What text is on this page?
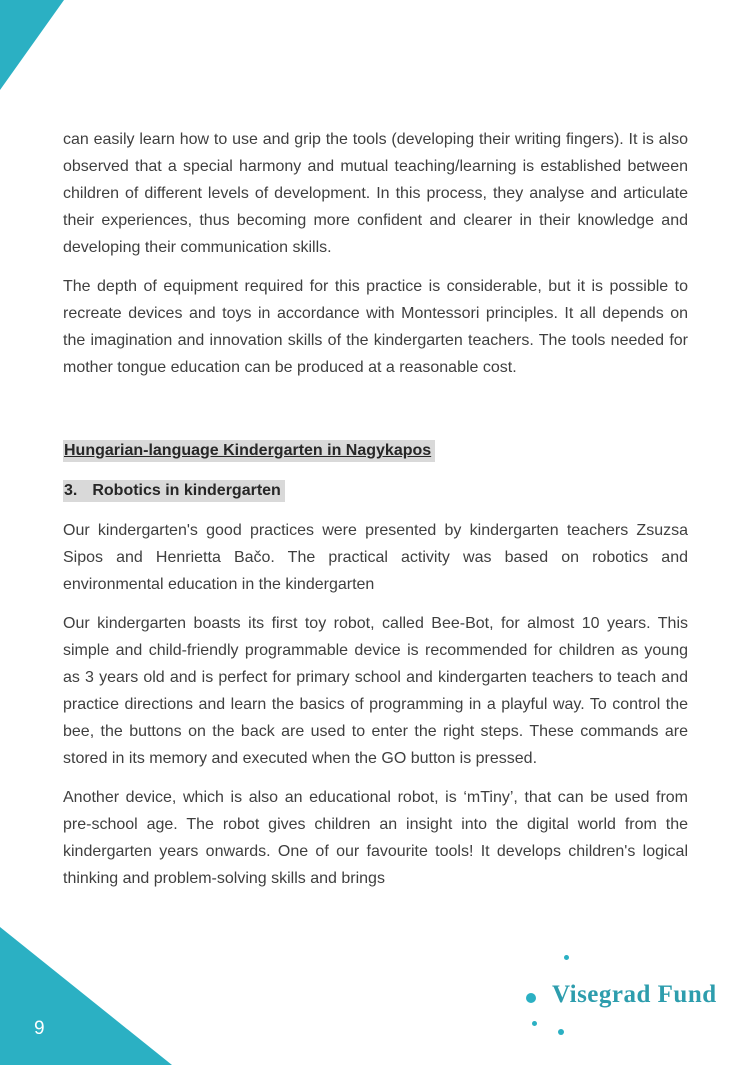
can easily learn how to use and grip the tools (developing their writing fingers). It is also observed that a special harmony and mutual teaching/learning is established between children of different levels of development. In this process, they analyse and articulate their experiences, thus becoming more confident and clearer in their knowledge and developing their communication skills.

The depth of equipment required for this practice is considerable, but it is possible to recreate devices and toys in accordance with Montessori principles. It all depends on the imagination and innovation skills of the kindergarten teachers. The tools needed for mother tongue education can be produced at a reasonable cost.

Hungarian-language Kindergarten in Nagykapos
3. Robotics in kindergarten

Our kindergarten's good practices were presented by kindergarten teachers Zsuzsa Sipos and Henrietta Bačo. The practical activity was based on robotics and environmental education in the kindergarten

Our kindergarten boasts its first toy robot, called Bee-Bot, for almost 10 years. This simple and child-friendly programmable device is recommended for children as young as 3 years old and is perfect for primary school and kindergarten teachers to teach and practice directions and learn the basics of programming in a playful way. To control the bee, the buttons on the back are used to enter the right steps. These commands are stored in its memory and executed when the GO button is pressed.

Another device, which is also an educational robot, is ‘mTiny’, that can be used from pre-school age. The robot gives children an insight into the digital world from the kindergarten years onwards. One of our favourite tools! It develops children's logical thinking and problem-solving skills and brings

Visegrad Fund
9
